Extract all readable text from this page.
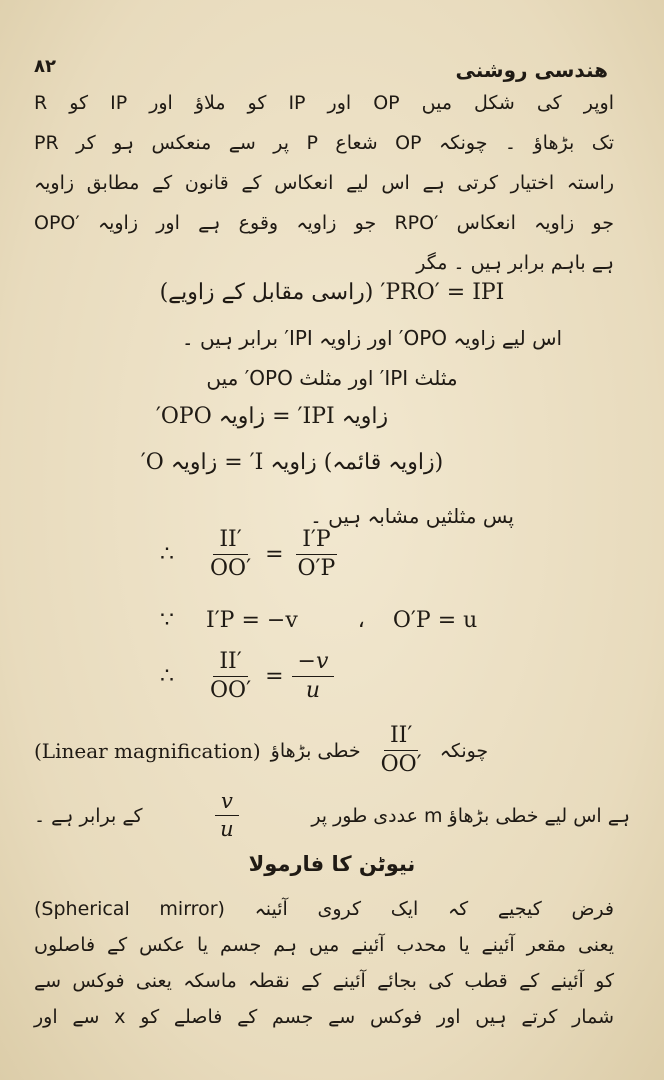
هندسی روشنی
۸۲
اوپر کی شکل میں OP اور IP کو ملاؤ اور IP کو R
تک بڑھاؤ ۔ چونکہ OP شعاع P پر سے منعکس ہو کر PR
راستہ اختیار کرتی ہے اس لیے انعکاس کے قانون کے مطابق زاویہ
OPO′ جو زاویہ وقوع ہے اور زاویہ RPO′ جو زاویہ انعکاس
ہے باہم برابر ہیں ۔ مگر
PRO′ = IPI′ (راسی مقابل کے زاویے)
اس لیے زاویہ OPO′ اور زاویہ IPI′ برابر ہیں ۔
مثلث IPI′ اور مثلث OPO′ میں
زاویہ IPI′ = زاویہ OPO′
(زاویہ قائمہ) زاویہ I′ = زاویہ O′
پس مثلثیں مشابہ ہیں ۔
∴	$\frac{II'}{OO'} = \frac{I'P}{O'P}$
∵	I′P = −v	، O′P = u
∴	$\frac{II'}{OO'} = \frac{-v}{u}$
(Linear magnification) خطی بڑھاؤ $\frac{II'}{OO'}$ چونکہ
کے برابر ہے ۔	$\frac{v}{u}$	ہے اس لیے خطی بڑھاؤ m عددی طور پر
نیوٹن کا فارمولا
فرض کیجیے کہ ایک کروی آئینہ (Spherical mirror)
یعنی مقعر آئینے یا محدب آئینے میں ہم جسم یا عکس کے فاصلوں
کو آئینے کے قطب کی بجائے آئینے کے نقطہ ماسکہ یعنی فوکس سے
شمار کرتے ہیں اور فوکس سے جسم کے فاصلے کو x سے اور
